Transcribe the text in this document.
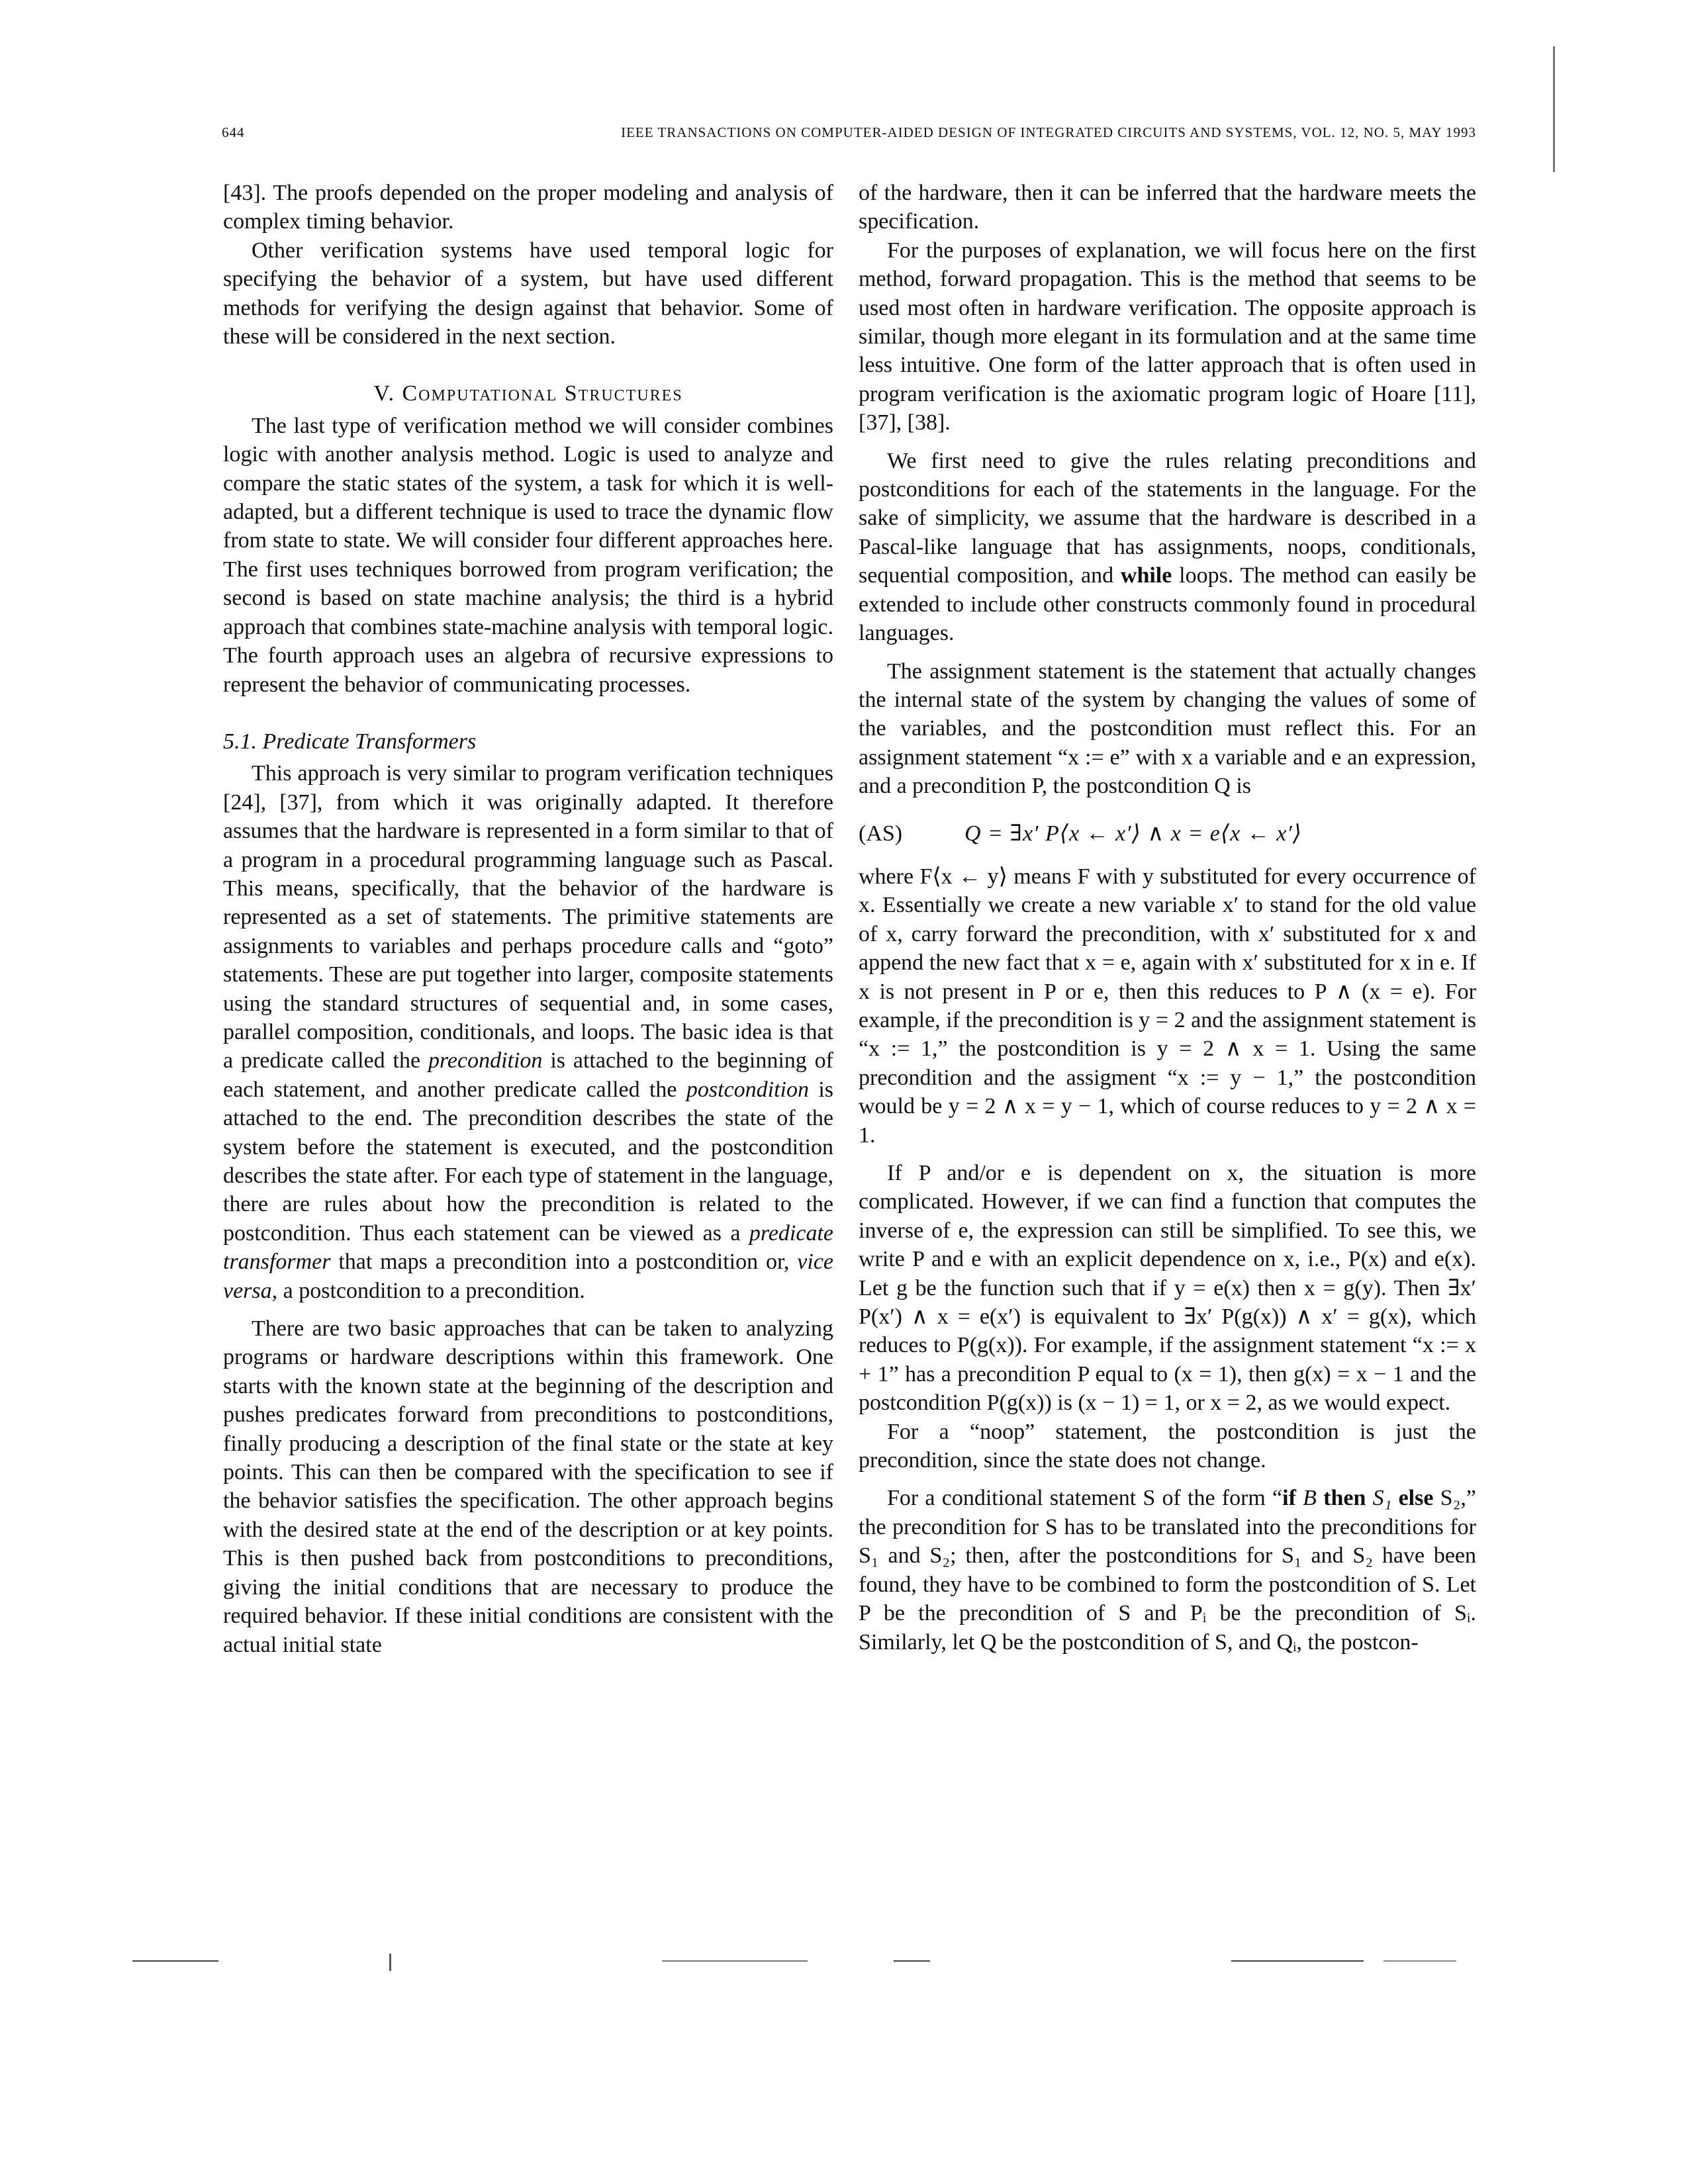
644	IEEE TRANSACTIONS ON COMPUTER-AIDED DESIGN OF INTEGRATED CIRCUITS AND SYSTEMS, VOL. 12, NO. 5, MAY 1993

[43]. The proofs depended on the proper modeling and analysis of complex timing behavior.

Other verification systems have used temporal logic for specifying the behavior of a system, but have used different methods for verifying the design against that behavior. Some of these will be considered in the next section.

V. Computational Structures

The last type of verification method we will consider combines logic with another analysis method. Logic is used to analyze and compare the static states of the system, a task for which it is well-adapted, but a different technique is used to trace the dynamic flow from state to state. We will consider four different approaches here. The first uses techniques borrowed from program verification; the second is based on state machine analysis; the third is a hybrid approach that combines state-machine analysis with temporal logic. The fourth approach uses an algebra of recursive expressions to represent the behavior of communicating processes.

5.1. Predicate Transformers

This approach is very similar to program verification techniques [24], [37], from which it was originally adapted. It therefore assumes that the hardware is represented in a form similar to that of a program in a procedural programming language such as Pascal. This means, specifically, that the behavior of the hardware is represented as a set of statements. The primitive statements are assignments to variables and perhaps procedure calls and “goto” statements. These are put together into larger, composite statements using the standard structures of sequential and, in some cases, parallel composition, conditionals, and loops. The basic idea is that a predicate called the precondition is attached to the beginning of each statement, and another predicate called the postcondition is attached to the end. The precondition describes the state of the system before the statement is executed, and the postcondition describes the state after. For each type of statement in the language, there are rules about how the precondition is related to the postcondition. Thus each statement can be viewed as a predicate transformer that maps a precondition into a postcondition or, vice versa, a postcondition to a precondition.

There are two basic approaches that can be taken to analyzing programs or hardware descriptions within this framework. One starts with the known state at the beginning of the description and pushes predicates forward from preconditions to postconditions, finally producing a description of the final state or the state at key points. This can then be compared with the specification to see if the behavior satisfies the specification. The other approach begins with the desired state at the end of the description or at key points. This is then pushed back from postconditions to preconditions, giving the initial conditions that are necessary to produce the required behavior. If these initial conditions are consistent with the actual initial state

of the hardware, then it can be inferred that the hardware meets the specification.

For the purposes of explanation, we will focus here on the first method, forward propagation. This is the method that seems to be used most often in hardware verification. The opposite approach is similar, though more elegant in its formulation and at the same time less intuitive. One form of the latter approach that is often used in program verification is the axiomatic program logic of Hoare [11], [37], [38].

We first need to give the rules relating preconditions and postconditions for each of the statements in the language. For the sake of simplicity, we assume that the hardware is described in a Pascal-like language that has assignments, noops, conditionals, sequential composition, and while loops. The method can easily be extended to include other constructs commonly found in procedural languages.

The assignment statement is the statement that actually changes the internal state of the system by changing the values of some of the variables, and the postcondition must reflect this. For an assignment statement “x := e” with x a variable and e an expression, and a precondition P, the postcondition Q is

(AS)	Q = ∃x′ P⟨x ← x′⟩ ∧ x = e⟨x ← x′⟩

where F⟨x ← y⟩ means F with y substituted for every occurrence of x. Essentially we create a new variable x′ to stand for the old value of x, carry forward the precondition, with x′ substituted for x and append the new fact that x = e, again with x′ substituted for x in e. If x is not present in P or e, then this reduces to P ∧ (x = e). For example, if the precondition is y = 2 and the assignment statement is “x := 1,” the postcondition is y = 2 ∧ x = 1. Using the same precondition and the assigment “x := y − 1,” the postcondition would be y = 2 ∧ x = y − 1, which of course reduces to y = 2 ∧ x = 1.

If P and/or e is dependent on x, the situation is more complicated. However, if we can find a function that computes the inverse of e, the expression can still be simplified. To see this, we write P and e with an explicit dependence on x, i.e., P(x) and e(x). Let g be the function such that if y = e(x) then x = g(y). Then ∃x′ P(x′) ∧ x = e(x′) is equivalent to ∃x′ P(g(x)) ∧ x′ = g(x), which reduces to P(g(x)). For example, if the assignment statement “x := x + 1” has a precondition P equal to (x = 1), then g(x) = x − 1 and the postcondition P(g(x)) is (x − 1) = 1, or x = 2, as we would expect.

For a “noop” statement, the postcondition is just the precondition, since the state does not change.

For a conditional statement S of the form “if B then S₁ else S₂,” the precondition for S has to be translated into the preconditions for S₁ and S₂; then, after the postconditions for S₁ and S₂ have been found, they have to be combined to form the postcondition of S. Let P be the precondition of S and Pᵢ be the precondition of Sᵢ. Similarly, let Q be the postcondition of S, and Qᵢ, the postcon-
